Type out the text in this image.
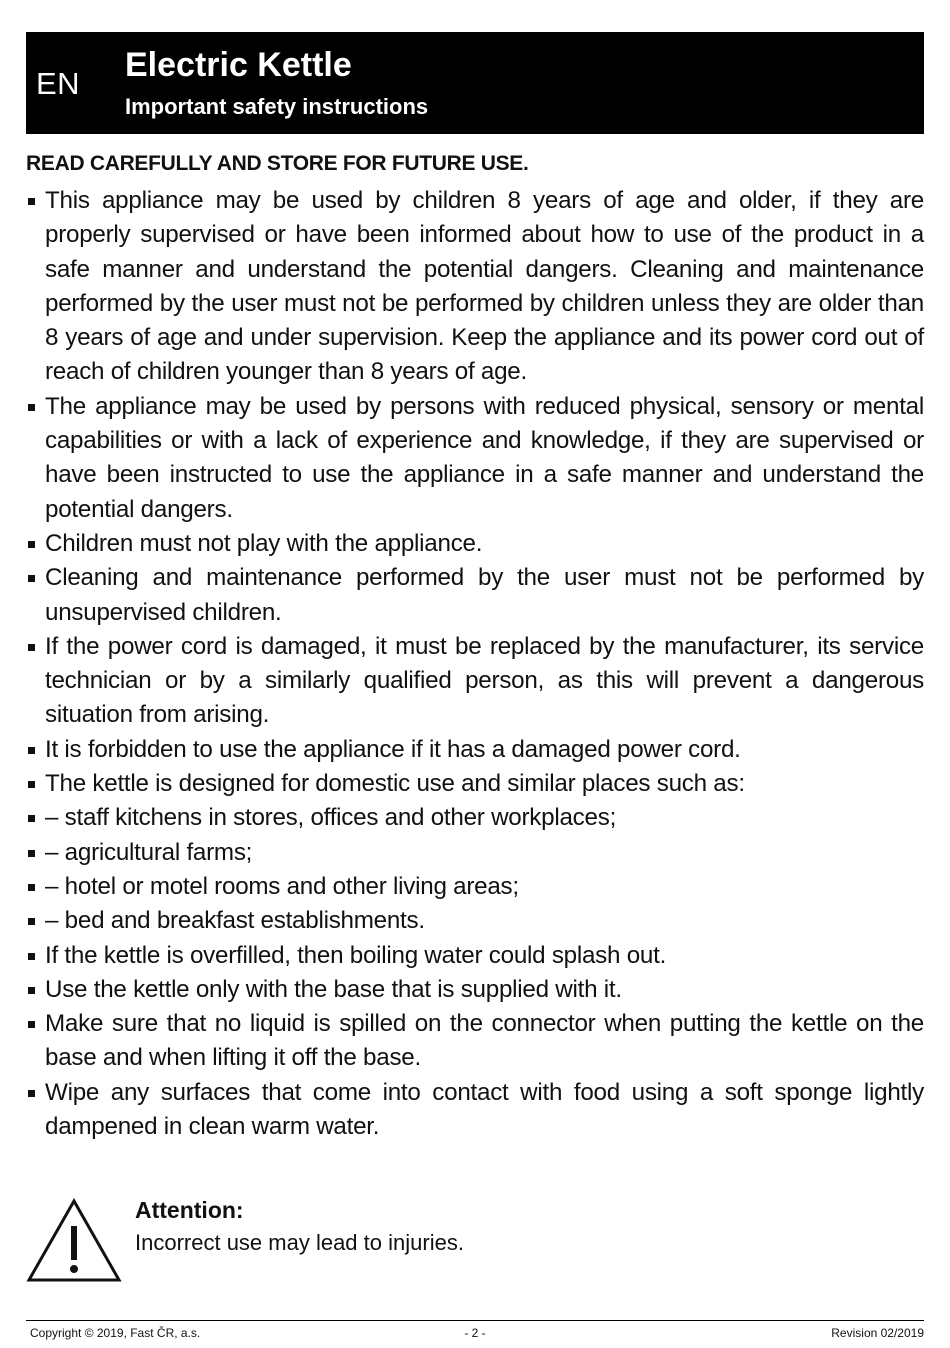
EN Electric Kettle
Important safety instructions
READ CAREFULLY AND STORE FOR FUTURE USE.
This appliance may be used by children 8 years of age and older, if they are properly supervised or have been informed about how to use of the product in a safe manner and understand the potential dangers. Cleaning and maintenance performed by the user must not be performed by children unless they are older than 8 years of age and under supervision. Keep the appliance and its power cord out of reach of children younger than 8 years of age.
The appliance may be used by persons with reduced physical, sensory or mental capabilities or with a lack of experience and knowledge, if they are supervised or have been instructed to use the appliance in a safe manner and understand the potential dangers.
Children must not play with the appliance.
Cleaning and maintenance performed by the user must not be performed by unsupervised children.
If the power cord is damaged, it must be replaced by the manufacturer, its service technician or by a similarly qualified person, as this will prevent a dangerous situation from arising.
It is forbidden to use the appliance if it has a damaged power cord.
The kettle is designed for domestic use and similar places such as:
– staff kitchens in stores, offices and other workplaces;
– agricultural farms;
– hotel or motel rooms and other living areas;
– bed and breakfast establishments.
If the kettle is overfilled, then boiling water could splash out.
Use the kettle only with the base that is supplied with it.
Make sure that no liquid is spilled on the connector when putting the kettle on the base and when lifting it off the base.
Wipe any surfaces that come into contact with food using a soft sponge lightly dampened in clean warm water.
Attention:
Incorrect use may lead to injuries.
Copyright © 2019, Fast ČR, a.s.	- 2 -	Revision 02/2019
